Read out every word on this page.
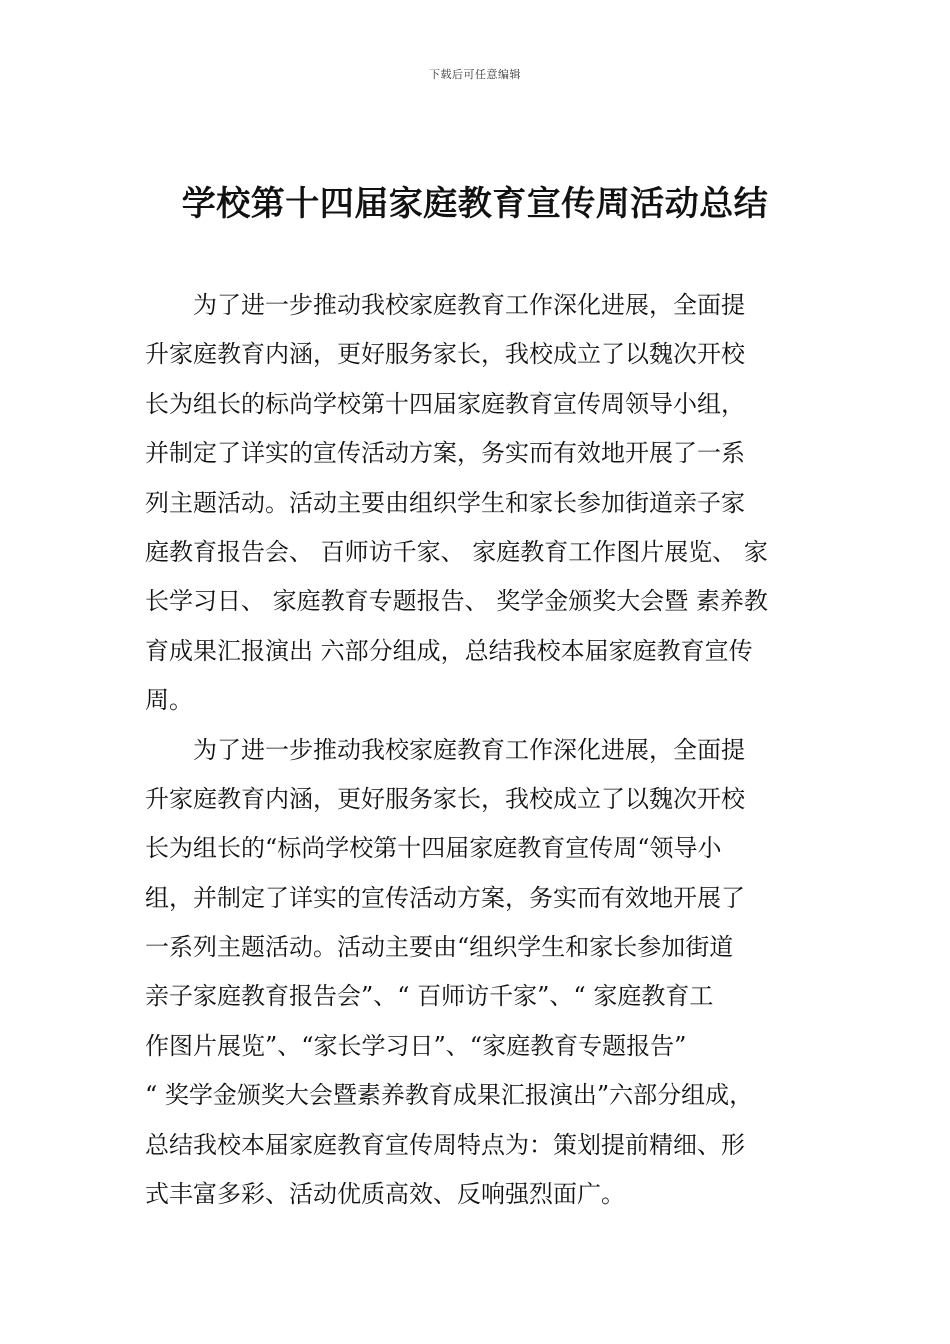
下载后可任意编辑
学校第十四届家庭教育宣传周活动总结
为了进一步推动我校家庭教育工作深化进展，全面提
升家庭教育内涵，更好服务家长，我校成立了以魏次开校
长为组长的标尚学校第十四届家庭教育宣传周领导小组，
并制定了详实的宣传活动方案，务实而有效地开展了一系
列主题活动。活动主要由组织学生和家长参加街道亲子家
庭教育报告会、 百师访千家、 家庭教育工作图片展览、 家
长学习日、 家庭教育专题报告、 奖学金颁奖大会暨 素养教
育成果汇报演出 六部分组成，总结我校本届家庭教育宣传
周。
为了进一步推动我校家庭教育工作深化进展，全面提
升家庭教育内涵，更好服务家长，我校成立了以魏次开校
长为组长的“标尚学校第十四届家庭教育宣传周“领导小
组，并制定了详实的宣传活动方案，务实而有效地开展了
一系列主题活动。活动主要由“组织学生和家长参加街道
亲子家庭教育报告会”、“ 百师访千家”、“ 家庭教育工
作图片展览”、“家长学习日”、“家庭教育专题报告”
“ 奖学金颁奖大会暨素养教育成果汇报演出”六部分组成，
总结我校本届家庭教育宣传周特点为：策划提前精细、形
式丰富多彩、活动优质高效、反响强烈面广。
